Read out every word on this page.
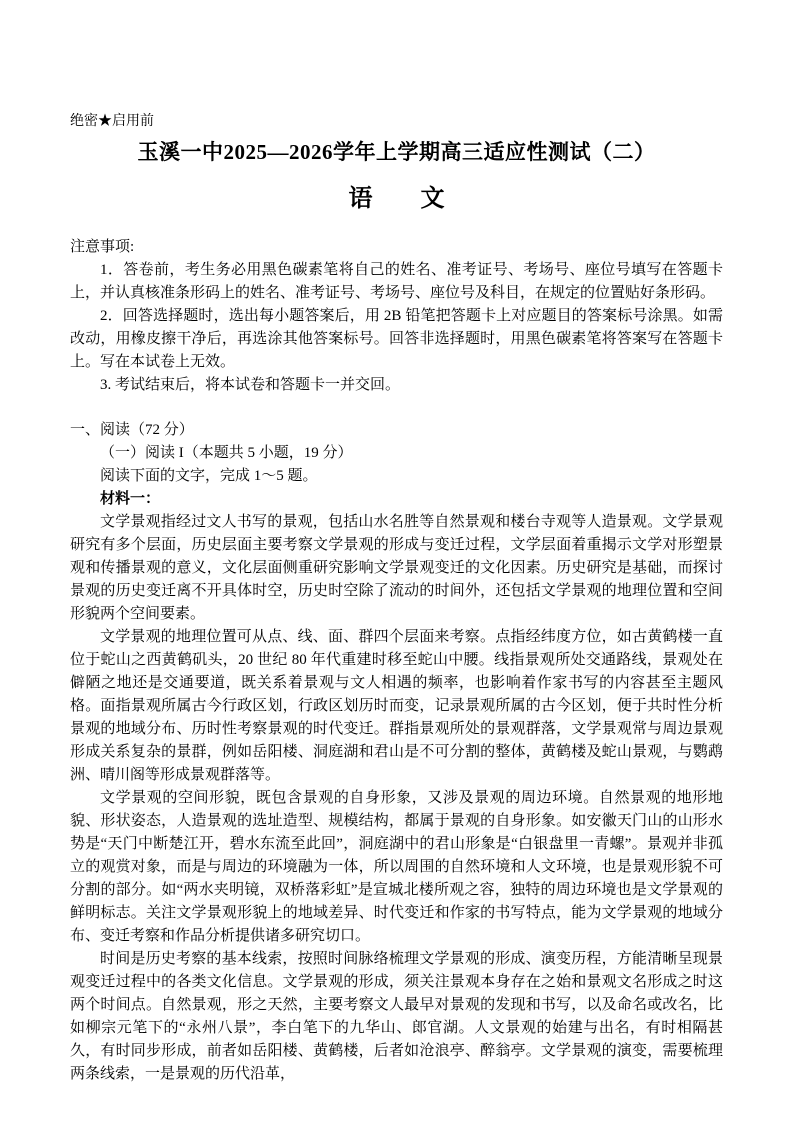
绝密★启用前
玉溪一中2025—2026学年上学期高三适应性测试（二）
语　　文
注意事项:

1．答卷前，考生务必用黑色碳素笔将自己的姓名、准考证号、考场号、座位号填写在答题卡上，并认真核准条形码上的姓名、准考证号、考场号、座位号及科目，在规定的位置贴好条形码。

2．回答选择题时，选出每小题答案后，用 2B 铅笔把答题卡上对应题目的答案标号涂黑。如需改动，用橡皮擦干净后，再选涂其他答案标号。回答非选择题时，用黑色碳素笔将答案写在答题卡上。写在本试卷上无效。

3. 考试结束后，将本试卷和答题卡一并交回。

一、阅读（72 分）

（一）阅读 I（本题共 5 小题，19 分）

阅读下面的文字，完成 1～5 题。

材料一：

文学景观指经过文人书写的景观，包括山水名胜等自然景观和楼台寺观等人造景观。文学景观研究有多个层面，历史层面主要考察文学景观的形成与变迁过程，文学层面着重揭示文学对形塑景观和传播景观的意义，文化层面侧重研究影响文学景观变迁的文化因素。历史研究是基础，而探讨景观的历史变迁离不开具体时空，历史时空除了流动的时间外，还包括文学景观的地理位置和空间形貌两个空间要素。

文学景观的地理位置可从点、线、面、群四个层面来考察。点指经纬度方位，如古黄鹤楼一直位于蛇山之西黄鹤矶头，20 世纪 80 年代重建时移至蛇山中腰。线指景观所处交通路线，景观处在僻陋之地还是交通要道，既关系着景观与文人相遇的频率，也影响着作家书写的内容甚至主题风格。面指景观所属古今行政区划，行政区划历时而变，记录景观所属的古今区划，便于共时性分析景观的地域分布、历时性考察景观的时代变迁。群指景观所处的景观群落，文学景观常与周边景观形成关系复杂的景群，例如岳阳楼、洞庭湖和君山是不可分割的整体，黄鹤楼及蛇山景观，与鹦鹉洲、晴川阁等形成景观群落等。

文学景观的空间形貌，既包含景观的自身形象，又涉及景观的周边环境。自然景观的地形地貌、形状姿态，人造景观的选址造型、规模结构，都属于景观的自身形象。如安徽天门山的山形水势是“天门中断楚江开，碧水东流至此回”，洞庭湖中的君山形象是“白银盘里一青螺”。景观并非孤立的观赏对象，而是与周边的环境融为一体，所以周围的自然环境和人文环境，也是景观形貌不可分割的部分。如“两水夹明镜，双桥落彩虹”是宣城北楼所观之容，独特的周边环境也是文学景观的鲜明标志。关注文学景观形貌上的地域差异、时代变迁和作家的书写特点，能为文学景观的地域分布、变迁考察和作品分析提供诸多研究切口。

时间是历史考察的基本线索，按照时间脉络梳理文学景观的形成、演变历程，方能清晰呈现景观变迁过程中的各类文化信息。文学景观的形成，须关注景观本身存在之始和景观文名形成之时这两个时间点。自然景观，形之天然，主要考察文人最早对景观的发现和书写，以及命名或改名，比如柳宗元笔下的“永州八景”，李白笔下的九华山、郎官湖。人文景观的始建与出名，有时相隔甚久，有时同步形成，前者如岳阳楼、黄鹤楼，后者如沧浪亭、醉翁亭。文学景观的演变，需要梳理两条线索，一是景观的历代沿革，
